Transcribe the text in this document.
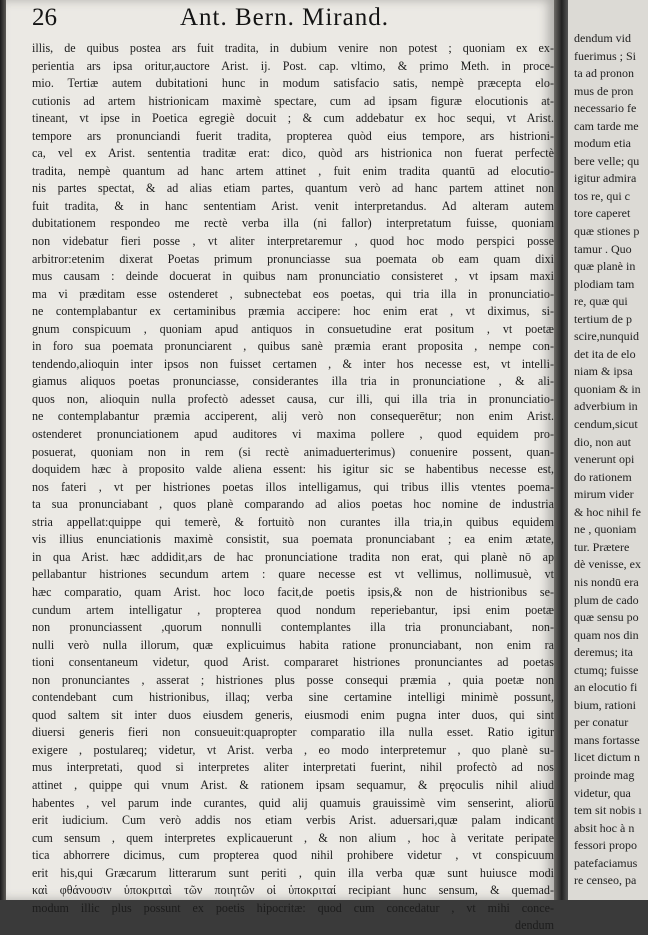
26	Ant. Bern. Mirand.
illis, de quibus postea ars fuit tradita, in dubium venire non potest ; quoniam ex ex-
perientia ars ipsa oritur,auctore Arist. ij. Post. cap. vltimo, & primo Meth. in proce-
mio. Tertiæ autem dubitationi hunc in modum satisfacio satis, nempè præcepta elo-
cutionis ad artem histrionicam maximè spectare, cum ad ipsam figuræ elocutionis at-
tineant, vt ipse in Poetica egregiè docuit ; & cum addebatur ex hoc sequi, vt Arist.
tempore ars pronunciandi fuerit tradita, propterea quòd eius tempore, ars histrioni-
ca, vel ex Arist. sententia traditæ erat: dico, quòd ars histrionica non fuerat perfectè
tradita, nempè quantum ad hanc artem attinet , fuit enim tradita quantū ad elocutio-
nis partes spectat, & ad alias etiam partes, quantum verò ad hanc partem attinet non
fuit tradita, & in hanc sententiam Arist. venit interpretandus. Ad alteram autem
dubitationem respondeo me rectè verba illa (ni fallor) interpretatum fuisse, quoniam
non videbatur fieri posse , vt aliter interpretaremur , quod hoc modo perspici posse
arbitror:etenim dixerat Poetas primum pronunciasse sua poemata ob eam quam dixi
mus causam : deinde docuerat in quibus nam pronunciatio consisteret , vt ipsam maxi
ma vi præditam esse ostenderet , subnectebat eos poetas, qui tria illa in pronunciatio-
ne contemplabantur ex certaminibus præmia accipere: hoc enim erat , vt diximus, si-
gnum conspicuum , quoniam apud antiquos in consuetudine erat positum , vt poetæ
in foro sua poemata pronunciarent , quibus sanè præmia erant proposita , nempe con-
tendendo,alioquin inter ipsos non fuisset certamen , & inter hos necesse est, vt intelli-
giamus aliquos poetas pronunciasse, considerantes illa tria in pronunciatione , & ali-
quos non, alioquin nulla profectò adesset causa, cur illi, qui illa tria in pronunciatio-
ne contemplabantur præmia acciperent, alij verò non consequerētur; non enim Arist.
ostenderet pronunciationem apud auditores vi maxima pollere , quod equidem pro-
posuerat, quoniam non in rem (si rectè animaduerterimus) conuenire possent, quan-
doquidem hæc à proposito valde aliena essent: his igitur sic se habentibus necesse est,
nos fateri , vt per histriones poetas illos intelligamus, qui tribus illis vtentes poema-
ta sua pronunciabant , quos planè comparando ad alios poetas hoc nomine de industria
stria appellat:quippe qui temerè, & fortuitò non curantes illa tria,in quibus equidem
vis illius enunciationis maximè consistit, sua poemata pronunciabant ; ea enim ætate,
in qua Arist. hæc addidit,ars de hac pronunciatione tradita non erat, qui planè nō ap
pellabantur histriones secundum artem : quare necesse est vt vellimus, nollimusuè, vt
hæc comparatio, quam Arist. hoc loco facit,de poetis ipsis,& non de histrionibus se-
cundum artem intelligatur , propterea quod nondum reperiebantur, ipsi enim poetæ
non pronunciassent ,quorum nonnulli contemplantes illa tria pronunciabant, non-
nulli verò nulla illorum, quæ explicuimus habita ratione pronunciabant, non enim ra
tioni consentaneum videtur, quod Arist. compararet histriones pronunciantes ad poetas
non pronunciantes , asserat ; histriones plus posse consequi præmia , quia poetæ non
contendebant cum histrionibus, illaq; verba sine certamine intelligi minimè possunt,
quod saltem sit inter duos eiusdem generis, eiusmodi enim pugna inter duos, qui sint
diuersi generis fieri non consueuit:quapropter comparatio illa nulla esset. Ratio igitur
exigere , postulareq; videtur, vt Arist. verba , eo modo interpretemur , quo planè su-
mus interpretati, quod si interpretes aliter interpretati fuerint, nihil profectò ad nos
attinet , quippe qui vnum Arist. & rationem ipsam sequamur, & pręoculis nihil aliud
habentes , vel parum inde curantes, quid alij quamuis grauissimè vim senserint, aliorū
erit iudicium. Cum verò addis nos etiam verbis Arist. aduersari,quæ palam indicant
cum sensum , quem interpretes explicauerunt , & non alium , hoc à veritate peripate
tica abhorrere dicimus, cum propterea quod nihil prohibere videtur , vt conspicuum
erit his,qui Græcarum litterarum sunt periti , quin illa verba quæ sunt huiusce modi
καὶ φθάνουσιν ὑποκριταὶ τῶν ποιητῶν οἱ ὑποκριταί recipiant hunc sensum, & quemad-
modum illic plus possunt ex poetis hipocritæ: quod cum concedatur , vt mihi conce-
dendum
dendum vid
fuerimus ; Si
ta ad pronon
mus de pron
necessario fe
cam tarde me
modum etia
bere velle; qu
igitur admira
tos re, qui c
tore caperet
quæ stiones p
tamur . Quo
quæ planè in
plodiam tam
re, quæ qui
tertium de p
scire,nunquid
det ita de elo
niam & ipsa
quoniam & in
adverbium in
cendum,sicut
dio, non aut
venerunt opi
do rationem
mirum vider
& hoc nihil fe
ne , quoniam
tur. Prætere
dè venisse, ex
nis nondū era
plum de cado
quæ sensu po
quam nos din
deremus; ita
ctumq; fuisse
an elocutio fi
bium, rationi
per conatur
mans fortasse
licet dictum n
proinde mag
videtur, qua
tem sit nobis ı
absit hoc à n
fessori propo
patefaciamus
re censeo, pa
